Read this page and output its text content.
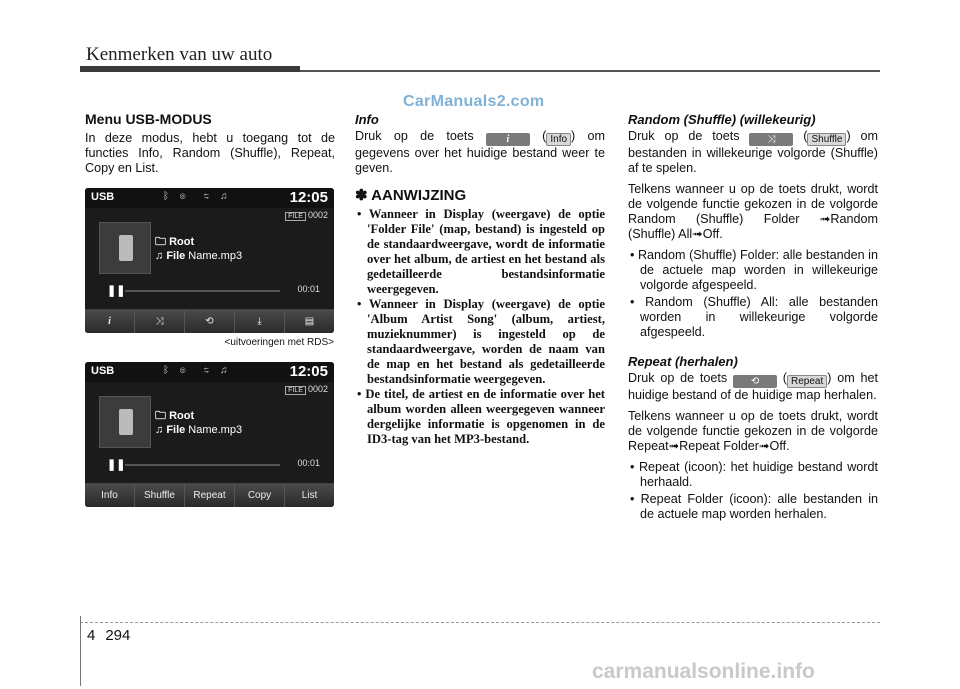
Kenmerken van uw auto
CarManuals2.com
Menu USB-MODUS

In deze modus, hebt u toegang tot de functies Info, Random (Shuffle), Repeat, Copy en List.

USB	ᛒ ◎  ⇆ ♫	12:05
FILE 0002
🗀 Root
♫ File Name.mp3
❚❚	00:01
i	⤨	⟲	⤓	▤
<uitvoeringen met RDS>
USB	ᛒ ◎  ⇆ ♫	12:05
FILE 0002
🗀 Root
♫ File Name.mp3
❚❚	00:01
Info	Shuffle	Repeat	Copy	List
Info

Druk op de toets	i ( Info ) om gegevens over het huidige bestand weer te geven.

✽ AANWIJZING
• Wanneer in Display (weergave) de optie 'Folder File' (map, bestand) is ingesteld op de standaardweergave, wordt de informatie over het album, de artiest en het bestand als gedetailleerde bestandsinformatie weergegeven.
• Wanneer in Display (weergave) de optie 'Album Artist Song' (album, artiest, muzieknummer) is ingesteld op de standaardweergave, worden de naam van de map en het bestand als gedetailleerde bestandsinformatie weergegeven.
• De titel, de artiest en de informatie over het album worden alleen weergegeven wanneer dergelijke informatie is opgenomen in de ID3-tag van het MP3-bestand.
Random (Shuffle) (willekeurig)

Druk op de toets	⤨ ( Shuffle ) om bestanden in willekeurige volgorde (Shuffle) af te spelen.

Telkens wanneer u op de toets drukt, wordt de volgende functie gekozen in de volgorde Random (Shuffle) Folder ➟Random (Shuffle) All➟Off.

• Random (Shuffle) Folder: alle bestanden in de actuele map worden in willekeurige volgorde afgespeeld.
• Random (Shuffle) All: alle bestanden worden in willekeurige volgorde afgespeeld.
Repeat (herhalen)

Druk op de toets ⟲ ( Repeat ) om het huidige bestand of de huidige map herhalen.

Telkens wanneer u op de toets drukt, wordt de volgende functie gekozen in de volgorde Repeat➟Repeat Folder➟Off.

• Repeat (icoon): het huidige bestand wordt herhaald.
• Repeat Folder (icoon): alle bestanden in de actuele map worden herhalen.
4 294
carmanualsonline.info
